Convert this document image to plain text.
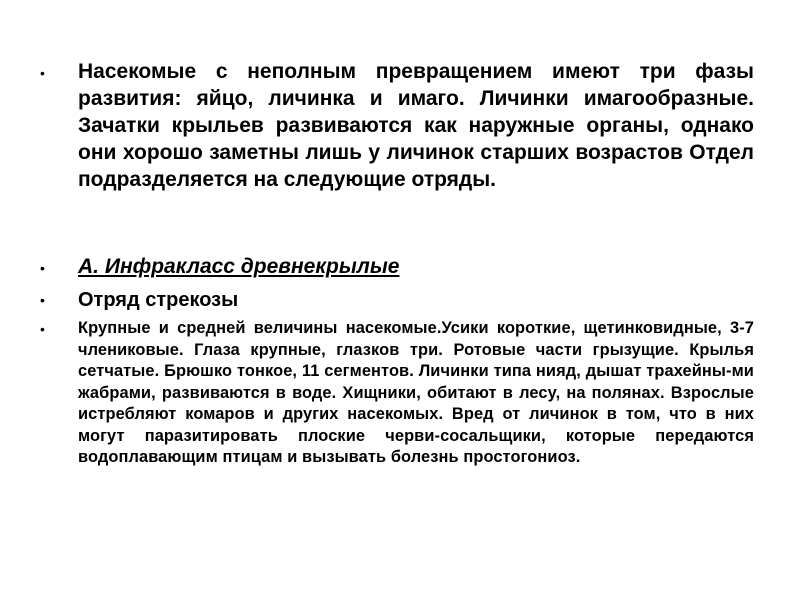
• Насекомые с неполным превращением имеют три фазы развития: яйцо, личинка и имаго. Личинки имагообразные. Зачатки крыльев развиваются как наружные органы, однако они хорошо заметны лишь у личинок старших возрастов Отдел подразделяется на следующие отряды.

• А. Инфракласс древнекрылые

• Отряд стрекозы

• Крупные и средней величины насекомые.Усики короткие, щетинковидные, 3-7 члениковые. Глаза крупные, глазков три. Ротовые части грызущие. Крылья сетчатые. Брюшко тонкое, 11 сегментов. Личинки типа нияд, дышат трахейны-ми жабрами, развиваются в воде. Хищники, обитают в лесу, на полянах. Взрослые истребляют комаров и других насекомых. Вред от личинок в том, что в них могут паразитировать плоские черви-сосальщики, которые передаются водоплавающим птицам и вызывать болезнь простогониоз.
